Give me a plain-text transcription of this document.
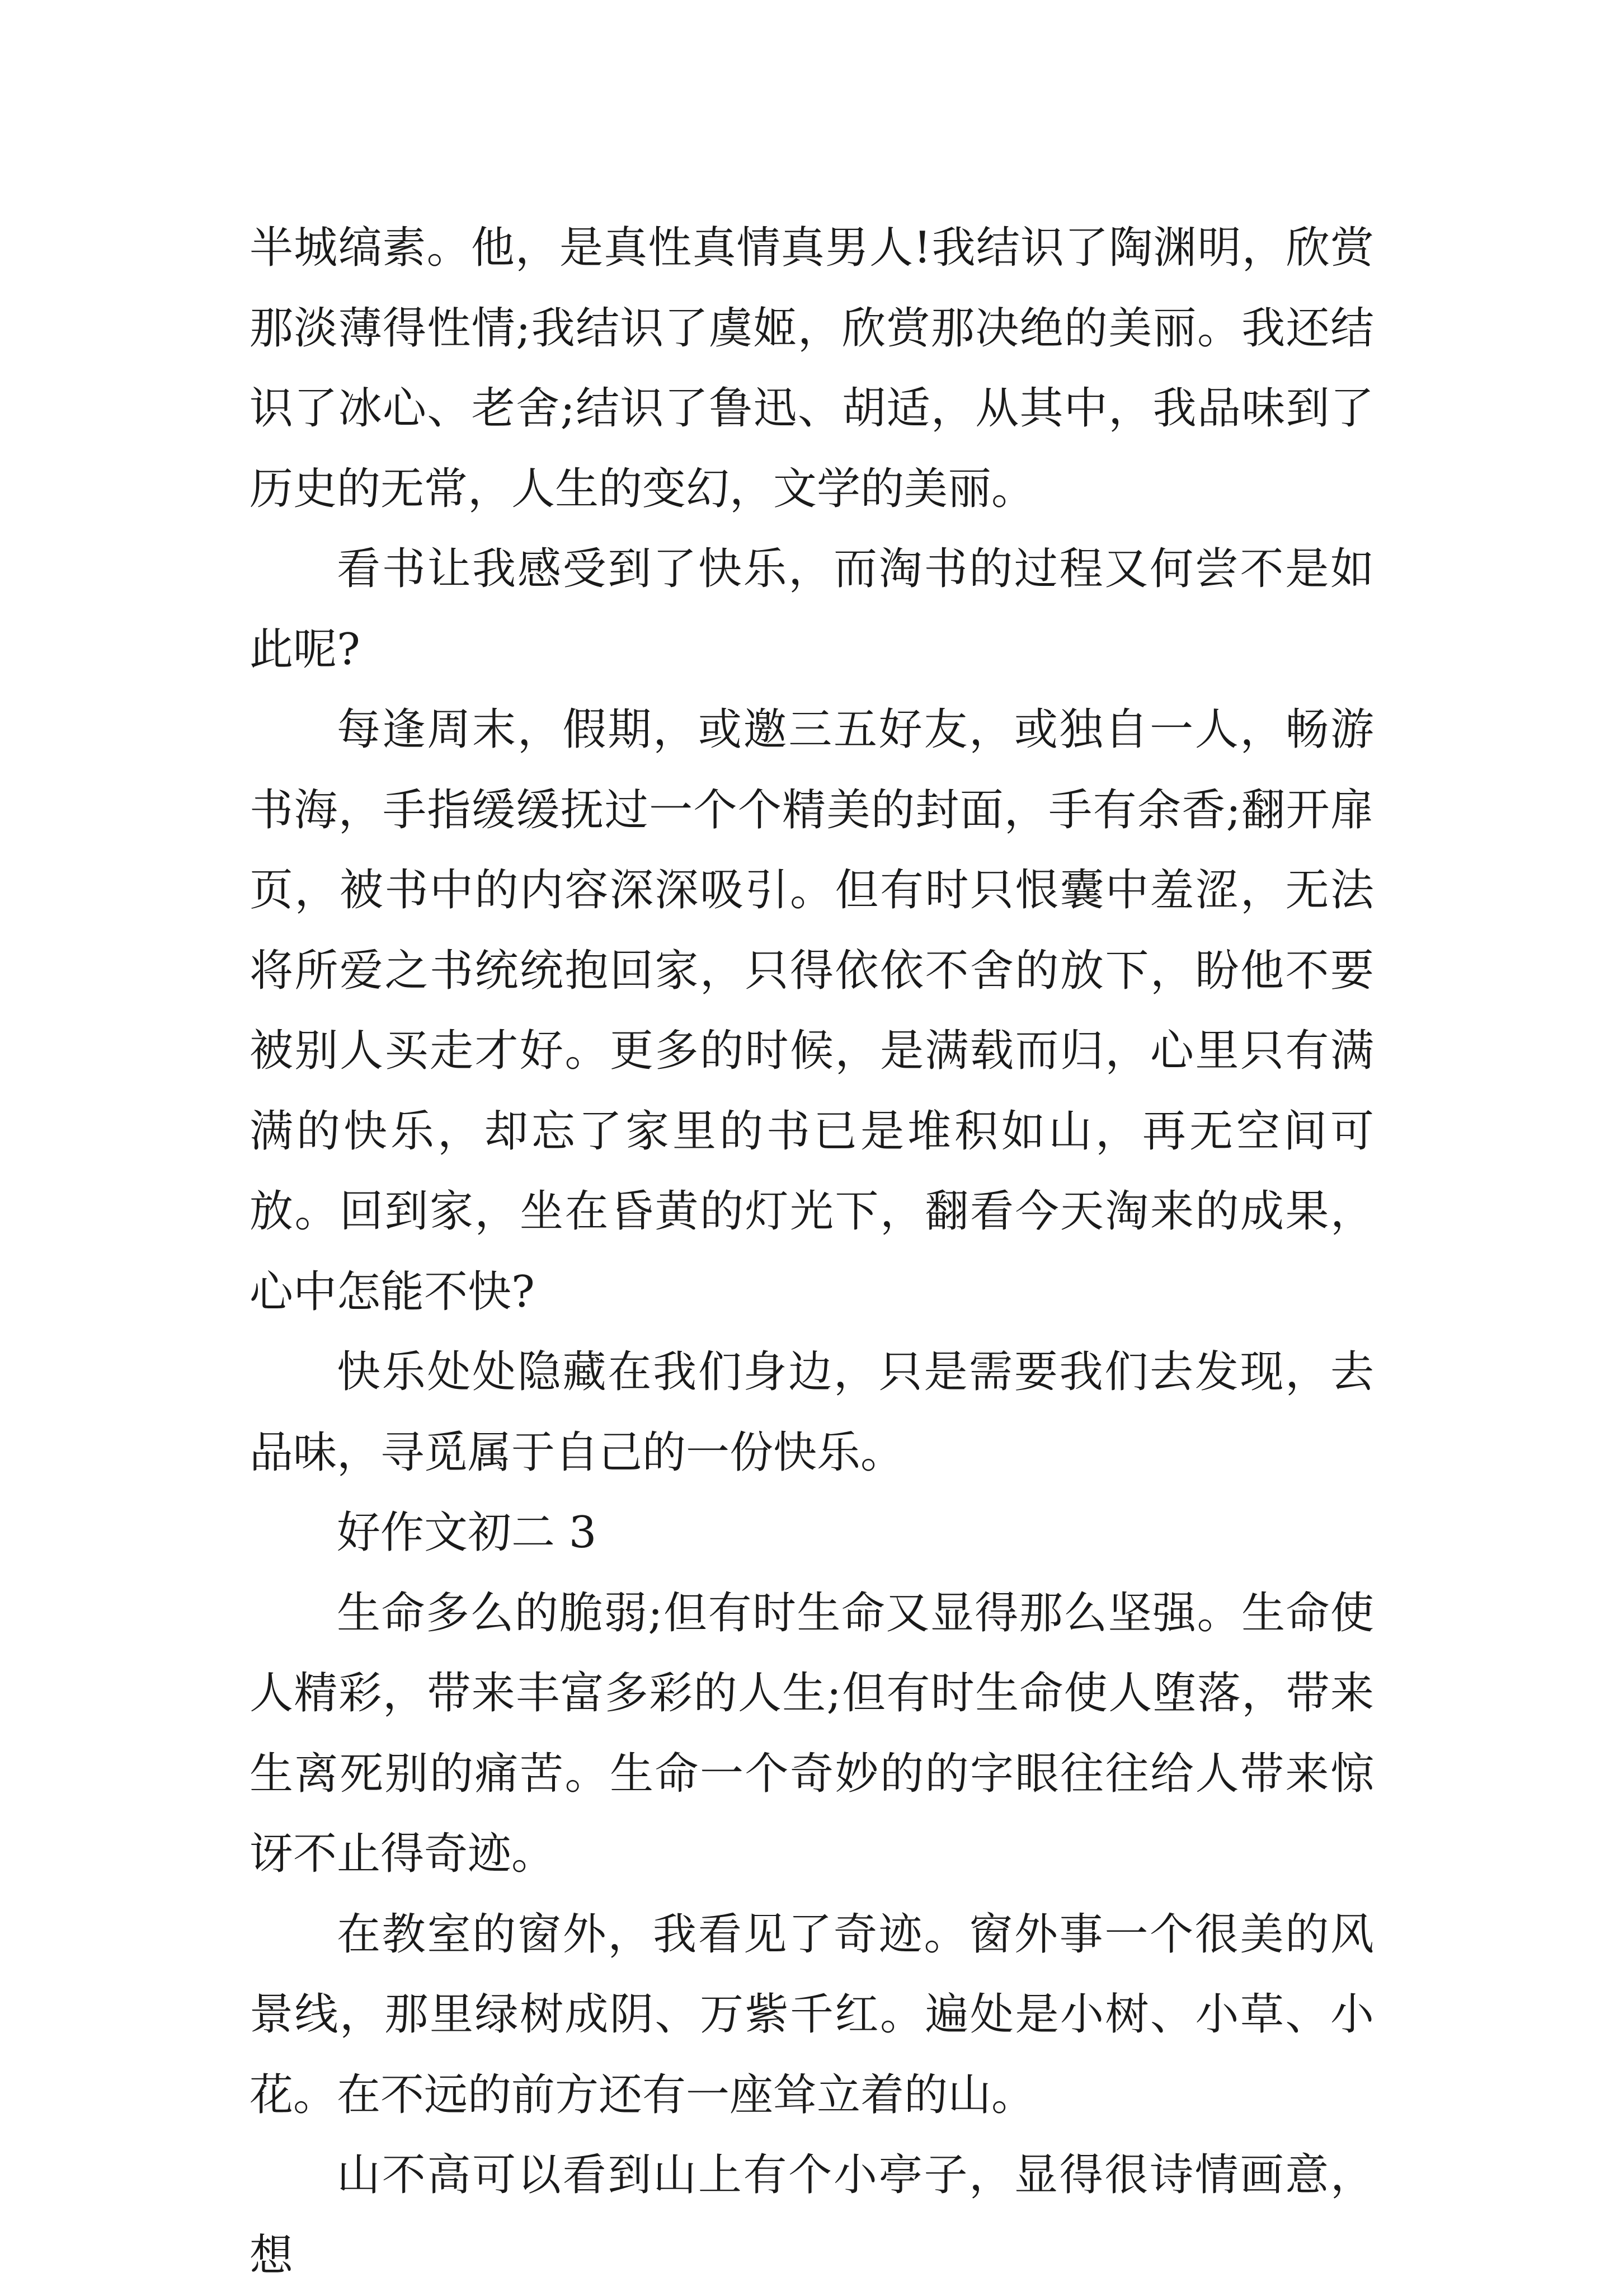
半城缟素。他，是真性真情真男人!我结识了陶渊明，欣赏那淡薄得性情;我结识了虞姬，欣赏那决绝的美丽。我还结识了冰心、老舍;结识了鲁迅、胡适，从其中，我品味到了历史的无常，人生的变幻，文学的美丽。

看书让我感受到了快乐，而淘书的过程又何尝不是如此呢?

每逢周末，假期，或邀三五好友，或独自一人，畅游书海，手指缓缓抚过一个个精美的封面，手有余香;翻开扉页，被书中的内容深深吸引。但有时只恨囊中羞涩，无法将所爱之书统统抱回家，只得依依不舍的放下，盼他不要被别人买走才好。更多的时候，是满载而归，心里只有满满的快乐，却忘了家里的书已是堆积如山，再无空间可放。回到家，坐在昏黄的灯光下，翻看今天淘来的成果，心中怎能不快?

快乐处处隐藏在我们身边，只是需要我们去发现，去品味，寻觅属于自己的一份快乐。

好作文初二 3

生命多么的脆弱;但有时生命又显得那么坚强。生命使人精彩，带来丰富多彩的人生;但有时生命使人堕落，带来生离死别的痛苦。生命一个奇妙的的字眼往往给人带来惊讶不止得奇迹。

在教室的窗外，我看见了奇迹。窗外事一个很美的风景线，那里绿树成阴、万紫千红。遍处是小树、小草、小花。在不远的前方还有一座耸立着的山。

山不高可以看到山上有个小亭子，显得很诗情画意，想
